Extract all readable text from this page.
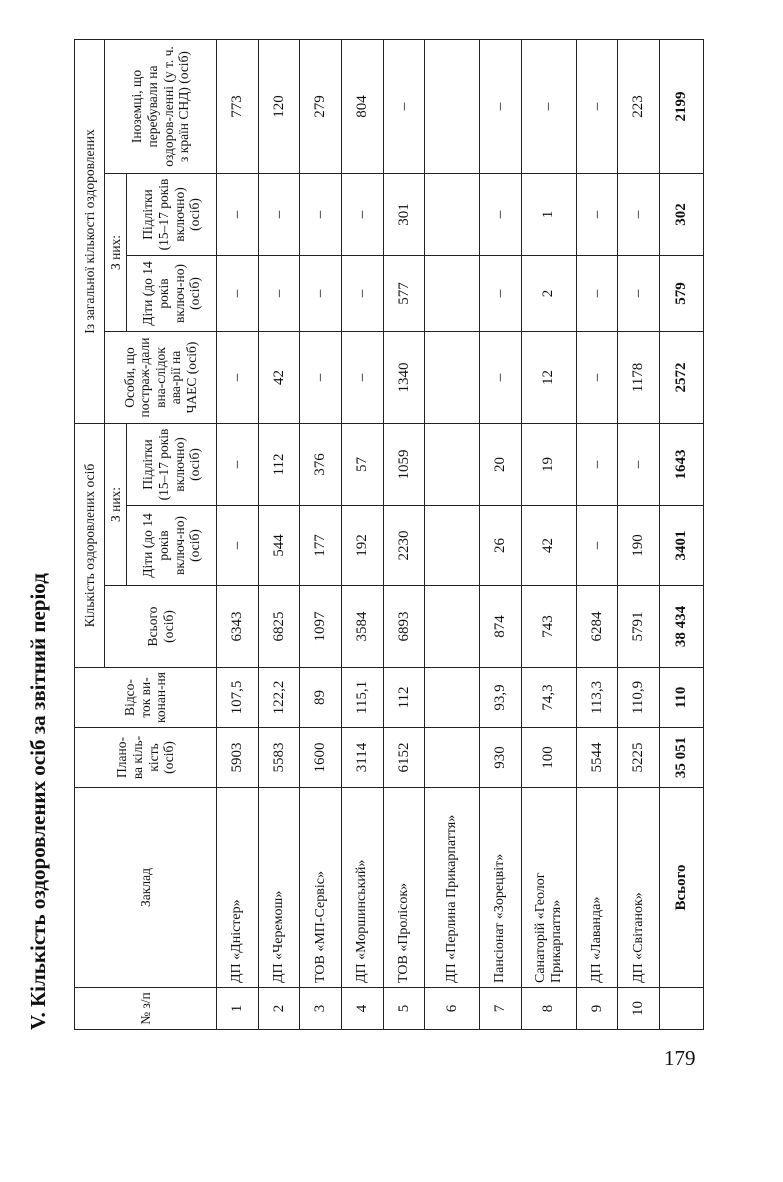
V. Кількість оздоровлених осіб за звітний період	№ з/п	Заклад	Плано-ва кіль-кість (осіб)	Відсо-ток ви-конан-ня	Кількість оздоровлених осіб			Із загальної кількості оздоровлених			
				Всього (осіб)	З них:		Особи, що постраж-дали вна-слідок ава-рії на ЧАЕС (осіб)	З них:		Іноземці, що перебували на оздоров-ленні (у т. ч. з країн СНД) (осіб)
					Діти (до 14 років включ-но) (осіб)	Підлітки (15–17 років включно) (осіб)		Діти (до 14 років включ-но) (осіб)	Підлітки (15–17 років включно) (осіб)	
1	ДП «Дністер»	5903	107,5	6343	–	–	–	–	–	773
2	ДП «Черемош»	5583	122,2	6825	544	112	42	–	–	120
3	ТОВ «МП-Сервіс»	1600	89	1097	177	376	–	–	–	279
4	ДП «Моршинський»	3114	115,1	3584	192	57	–	–	–	804
5	ТОВ «Пролісок»	6152	112	6893	2230	1059	1340	577	301	–
6	ДП «Перлина Прикарпаття»									
7	Пансіонат «Зорецвіт»	930	93,9	874	26	20	–	–	–	–
8	Санаторій «Геолог Прикарпаття»	100	74,3	743	42	19	12	2	1	–
9	ДП «Лаванда»	5544	113,3	6284	–	–	–	–	–	–
10	ДП «Світанок»	5225	110,9	5791	190	–	1178	–	–	223
	Всього	35 051	110	38 434	3401	1643	2572	579	302	2199
179
